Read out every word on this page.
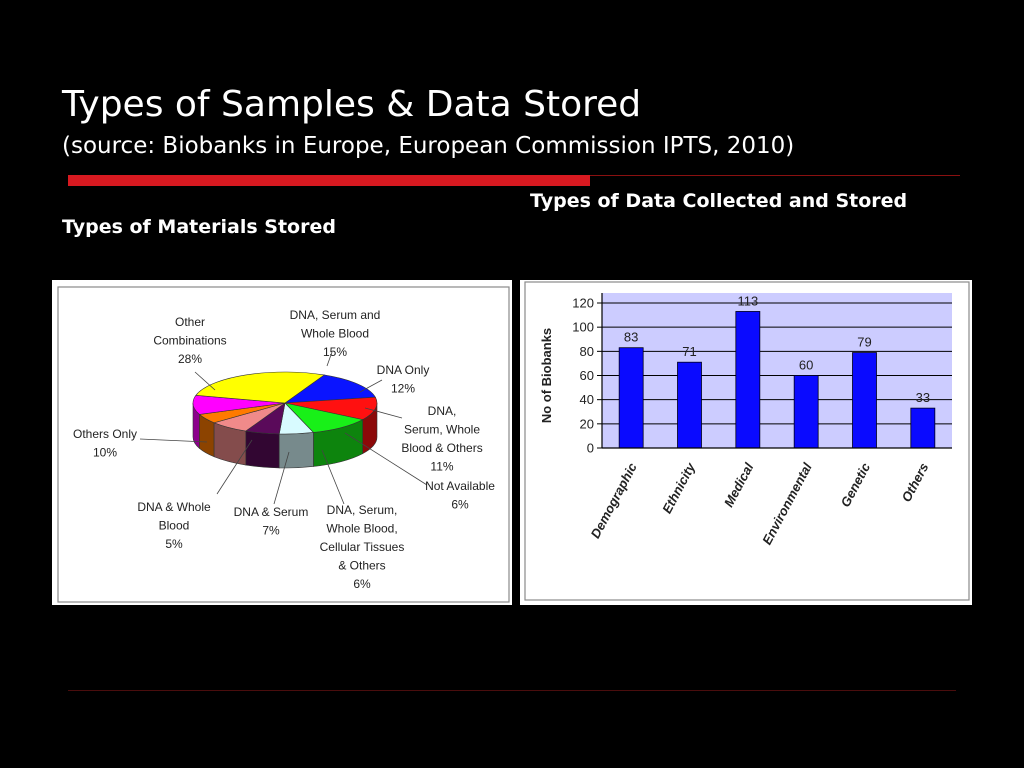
Types of Samples & Data Stored
(source: Biobanks in Europe, European Commission IPTS, 2010)
Types of Materials Stored
Types of Data Collected and Stored
DNA, Serum and Whole Blood 15%
DNA Only 12%
DNA, Serum, Whole Blood & Others 11%
Not Available 6%
DNA, Serum, Whole Blood, Cellular Tissues & Others 6%
DNA & Serum 7%
DNA & Whole Blood 5%
Others Only 10%
Other Combinations 28%
0
20
40
60
80
100
120
No of Biobanks	83
Demographic
71
Ethnicity
113
Medical
60
Environmental
79
Genetic
33
Others
